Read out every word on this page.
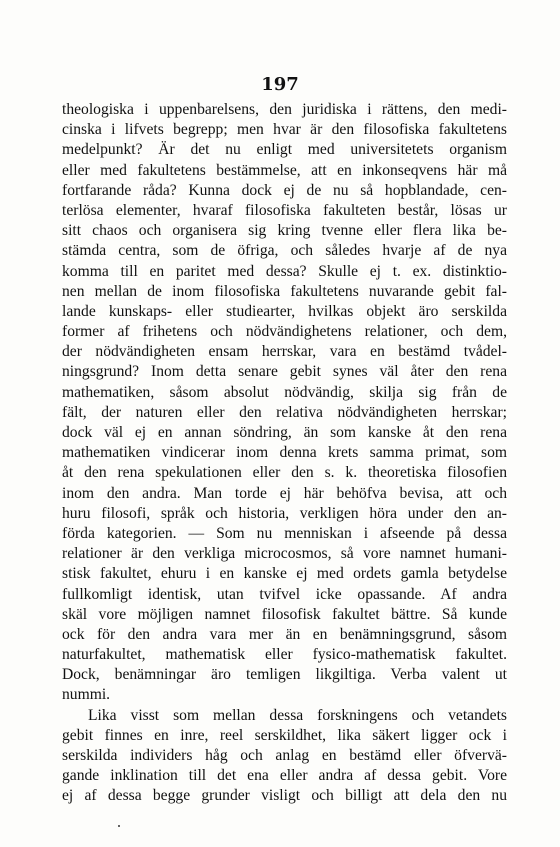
197
theologiska i uppenbarelsens, den juridiska i rättens, den medi-
cinska i lifvets begrepp; men hvar är den filosofiska fakultetens
medelpunkt? Är det nu enligt med universitetets organism
eller med fakultetens bestämmelse, att en inkonseqvens här må
fortfarande råda? Kunna dock ej de nu så hopblandade, cen-
terlösa elementer, hvaraf filosofiska fakulteten består, lösas ur
sitt chaos och organisera sig kring tvenne eller flera lika be-
stämda centra, som de öfriga, och således hvarje af de nya
komma till en paritet med dessa? Skulle ej t. ex. distinktio-
nen mellan de inom filosofiska fakultetens nuvarande gebit fal-
lande kunskaps- eller studiearter, hvilkas objekt äro serskilda
former af frihetens och nödvändighetens relationer, och dem,
der nödvändigheten ensam herrskar, vara en bestämd tvådel-
ningsgrund? Inom detta senare gebit synes väl åter den rena
mathematiken, såsom absolut nödvändig, skilja sig från de
fält, der naturen eller den relativa nödvändigheten herrskar;
dock väl ej en annan söndring, än som kanske åt den rena
mathematiken vindicerar inom denna krets samma primat, som
åt den rena spekulationen eller den s. k. theoretiska filosofien
inom den andra. Man torde ej här behöfva bevisa, att och
huru filosofi, språk och historia, verkligen höra under den an-
förda kategorien. — Som nu menniskan i afseende på dessa
relationer är den verkliga microcosmos, så vore namnet humani-
stisk fakultet, ehuru i en kanske ej med ordets gamla betydelse
fullkomligt identisk, utan tvifvel icke opassande. Af andra
skäl vore möjligen namnet filosofisk fakultet bättre. Så kunde
ock för den andra vara mer än en benämningsgrund, såsom
naturfakultet, mathematisk eller fysico-mathematisk fakultet.
Dock, benämningar äro temligen likgiltiga. Verba valent ut
nummi.
Lika visst som mellan dessa forskningens och vetandets
gebit finnes en inre, reel serskildhet, lika säkert ligger ock i
serskilda individers håg och anlag en bestämd eller öfvervä-
gande inklination till det ena eller andra af dessa gebit. Vore
ej af dessa begge grunder visligt och billigt att dela den nu
